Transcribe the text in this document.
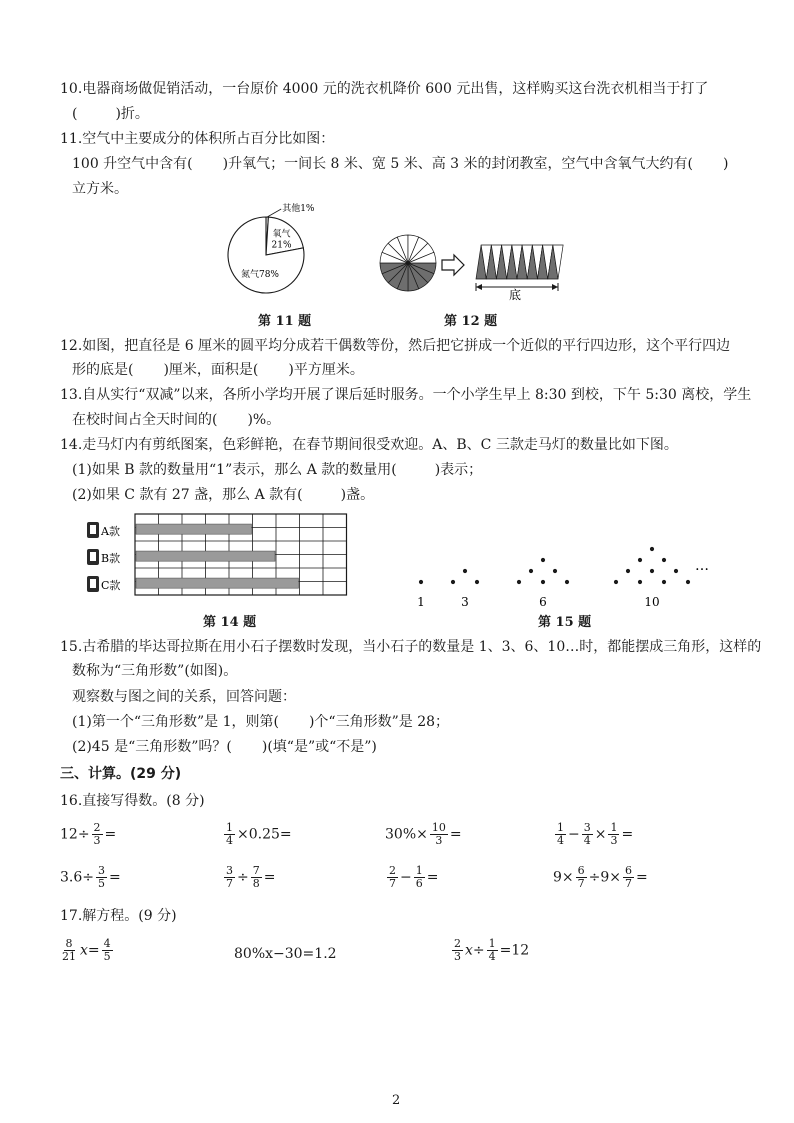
10.电器商场做促销活动，一台原价 4000 元的洗衣机降价 600 元出售，这样购买这台洗衣机相当于打了
(	)折。
11.空气中主要成分的体积所占百分比如图：
100 升空气中含有( )升氧气；一间长 8 米、宽 5 米、高 3 米的封闭教室，空气中含氧气大约有( )
立方米。
氧气
21%
氮气78%
其他1%
底
第 11 题	第 12 题
12.如图，把直径是 6 厘米的圆平均分成若干偶数等份，然后把它拼成一个近似的平行四边形，这个平行四边
形的底是( )厘米，面积是( )平方厘米。
13.自从实行“双减”以来，各所小学均开展了课后延时服务。一个小学生早上 8:30 到校，下午 5:30 离校，学生
在校时间占全天时间的( )%。
14.走马灯内有剪纸图案，色彩鲜艳，在春节期间很受欢迎。A、B、C 三款走马灯的数量比如下图。
(1)如果 B 款的数量用“1”表示，那么 A 款的数量用(	)表示；
(2)如果 C 款有 27 盏，那么 A 款有(	)盏。
A款
B款
C款
1	3	6	10
…
第 14 题	第 15 题
15.古希腊的毕达哥拉斯在用小石子摆数时发现，当小石子的数量是 1、3、6、10…时，都能摆成三角形，这样的
数称为“三角形数”(如图)。
观察数与图之间的关系，回答问题：
(1)第一个“三角形数”是 1，则第( )个“三角形数”是 28；
(2)45 是“三角形数”吗？( )(填“是”或“不是”)
三、计算。(29 分)
16.直接写得数。(8 分)
$12\div \frac{2}{3}$ =	$\frac{1}{4} \times 0.25=$	$30\%\times \frac{10}{3}$ =	$\frac{1}{4} - \frac{3}{4} \times \frac{1}{3}$ =
$3.6\div \frac{3}{5}$ =	$\frac{3}{7} \div \frac{7}{8}$ =	$\frac{2}{7} - \frac{1}{6}$ =	$9\times \frac{6}{7} \div 9\times \frac{6}{7}$ =
17.解方程。(9 分)
$\frac{8}{21} x= \frac{4}{5}$	80%x−30=1.2	$\frac{2}{3} x\div \frac{1}{4} =12$
2
